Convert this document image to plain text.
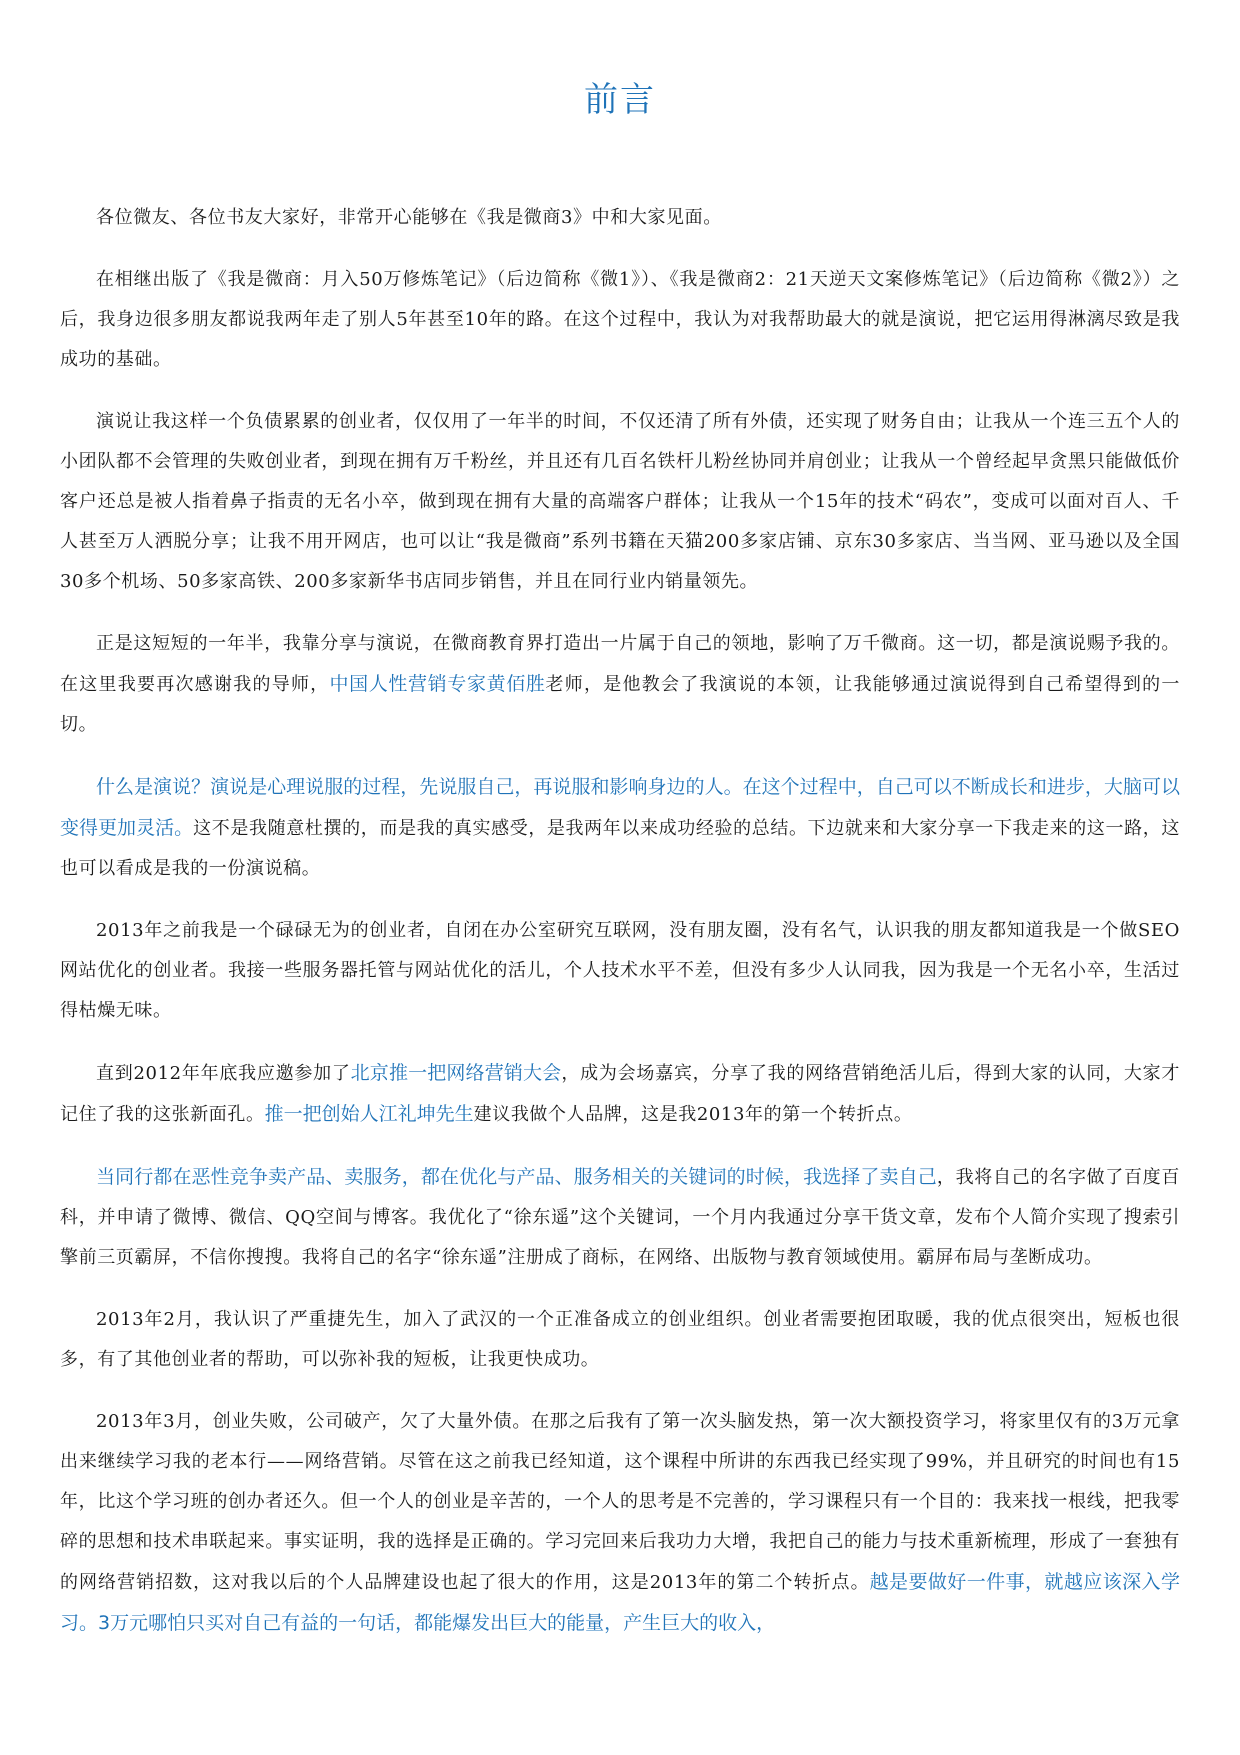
前言

各位微友、各位书友大家好，非常开心能够在《我是微商3》中和大家见面。

在相继出版了《我是微商：月入50万修炼笔记》（后边简称《微1》）、《我是微商2：21天逆天文案修炼笔记》（后边简称《微2》）之后，我身边很多朋友都说我两年走了别人5年甚至10年的路。在这个过程中，我认为对我帮助最大的就是演说，把它运用得淋漓尽致是我成功的基础。

演说让我这样一个负债累累的创业者，仅仅用了一年半的时间，不仅还清了所有外债，还实现了财务自由；让我从一个连三五个人的小团队都不会管理的失败创业者，到现在拥有万千粉丝，并且还有几百名铁杆儿粉丝协同并肩创业；让我从一个曾经起早贪黑只能做低价客户还总是被人指着鼻子指责的无名小卒，做到现在拥有大量的高端客户群体；让我从一个15年的技术“码农”，变成可以面对百人、千人甚至万人洒脱分享；让我不用开网店，也可以让“我是微商”系列书籍在天猫200多家店铺、京东30多家店、当当网、亚马逊以及全国30多个机场、50多家高铁、200多家新华书店同步销售，并且在同行业内销量领先。

正是这短短的一年半，我靠分享与演说，在微商教育界打造出一片属于自己的领地，影响了万千微商。这一切，都是演说赐予我的。在这里我要再次感谢我的导师，中国人性营销专家黄佰胜老师，是他教会了我演说的本领，让我能够通过演说得到自己希望得到的一切。

什么是演说？演说是心理说服的过程，先说服自己，再说服和影响身边的人。在这个过程中，自己可以不断成长和进步，大脑可以变得更加灵活。这不是我随意杜撰的，而是我的真实感受，是我两年以来成功经验的总结。下边就来和大家分享一下我走来的这一路，这也可以看成是我的一份演说稿。

2013年之前我是一个碌碌无为的创业者，自闭在办公室研究互联网，没有朋友圈，没有名气，认识我的朋友都知道我是一个做SEO网站优化的创业者。我接一些服务器托管与网站优化的活儿，个人技术水平不差，但没有多少人认同我，因为我是一个无名小卒，生活过得枯燥无味。

直到2012年年底我应邀参加了北京推一把网络营销大会，成为会场嘉宾，分享了我的网络营销绝活儿后，得到大家的认同，大家才记住了我的这张新面孔。推一把创始人江礼坤先生建议我做个人品牌，这是我2013年的第一个转折点。

当同行都在恶性竞争卖产品、卖服务，都在优化与产品、服务相关的关键词的时候，我选择了卖自己，我将自己的名字做了百度百科，并申请了微博、微信、QQ空间与博客。我优化了“徐东遥”这个关键词，一个月内我通过分享干货文章，发布个人简介实现了搜索引擎前三页霸屏，不信你搜搜。我将自己的名字“徐东遥”注册成了商标，在网络、出版物与教育领域使用。霸屏布局与垄断成功。

2013年2月，我认识了严重捷先生，加入了武汉的一个正准备成立的创业组织。创业者需要抱团取暖，我的优点很突出，短板也很多，有了其他创业者的帮助，可以弥补我的短板，让我更快成功。

2013年3月，创业失败，公司破产，欠了大量外债。在那之后我有了第一次头脑发热，第一次大额投资学习，将家里仅有的3万元拿出来继续学习我的老本行——网络营销。尽管在这之前我已经知道，这个课程中所讲的东西我已经实现了99%，并且研究的时间也有15年，比这个学习班的创办者还久。但一个人的创业是辛苦的，一个人的思考是不完善的，学习课程只有一个目的：我来找一根线，把我零碎的思想和技术串联起来。事实证明，我的选择是正确的。学习完回来后我功力大增，我把自己的能力与技术重新梳理，形成了一套独有的网络营销招数，这对我以后的个人品牌建设也起了很大的作用，这是2013年的第二个转折点。越是要做好一件事，就越应该深入学习。3万元哪怕只买对自己有益的一句话，都能爆发出巨大的能量，产生巨大的收入，
